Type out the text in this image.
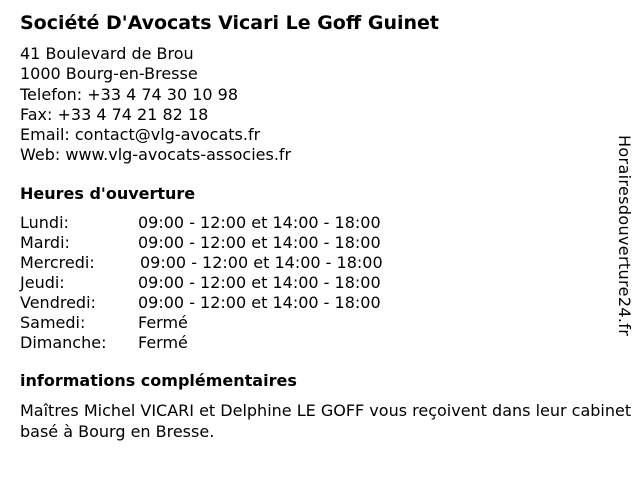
Société D'Avocats Vicari Le Goff Guinet
41 Boulevard de Brou
1000 Bourg-en-Bresse
Telefon: +33 4 74 30 10 98
Fax: +33 4 74 21 82 18
Email: contact@vlg-avocats.fr
Web: www.vlg-avocats-associes.fr
Heures d'ouverture
Lundi:	09:00 - 12:00 et 14:00 - 18:00
Mardi:	09:00 - 12:00 et 14:00 - 18:00
Mercredi:	09:00 - 12:00 et 14:00 - 18:00
Jeudi:	09:00 - 12:00 et 14:00 - 18:00
Vendredi:	09:00 - 12:00 et 14:00 - 18:00
Samedi:	Fermé
Dimanche: Fermé
informations complémentaires
Maîtres Michel VICARI et Delphine LE GOFF vous reçoivent dans leur cabinet basé à Bourg en Bresse.
Horairesdouverture24.fr
